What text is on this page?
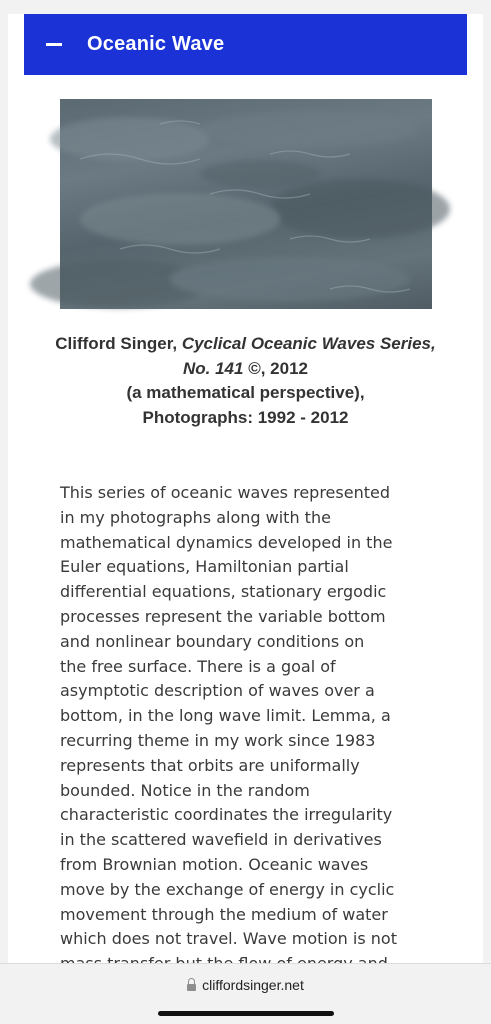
Oceanic Wave
Clifford Singer, Cyclical Oceanic Waves Series, No. 141 ©, 2012
(a mathematical perspective),
Photographs: 1992 - 2012
This series of oceanic waves represented
in my photographs along with the
mathematical dynamics developed in the
Euler equations, Hamiltonian partial
differential equations, stationary ergodic
processes represent the variable bottom
and nonlinear boundary conditions on
the free surface. There is a goal of
asymptotic description of waves over a
bottom, in the long wave limit. Lemma, a
recurring theme in my work since 1983
represents that orbits are uniformally
bounded. Notice in the random
characteristic coordinates the irregularity
in the scattered wavefield in derivatives
from Brownian motion. Oceanic waves
move by the exchange of energy in cyclic
movement through the medium of water
which does not travel. Wave motion is not
cliffordsinger.net
